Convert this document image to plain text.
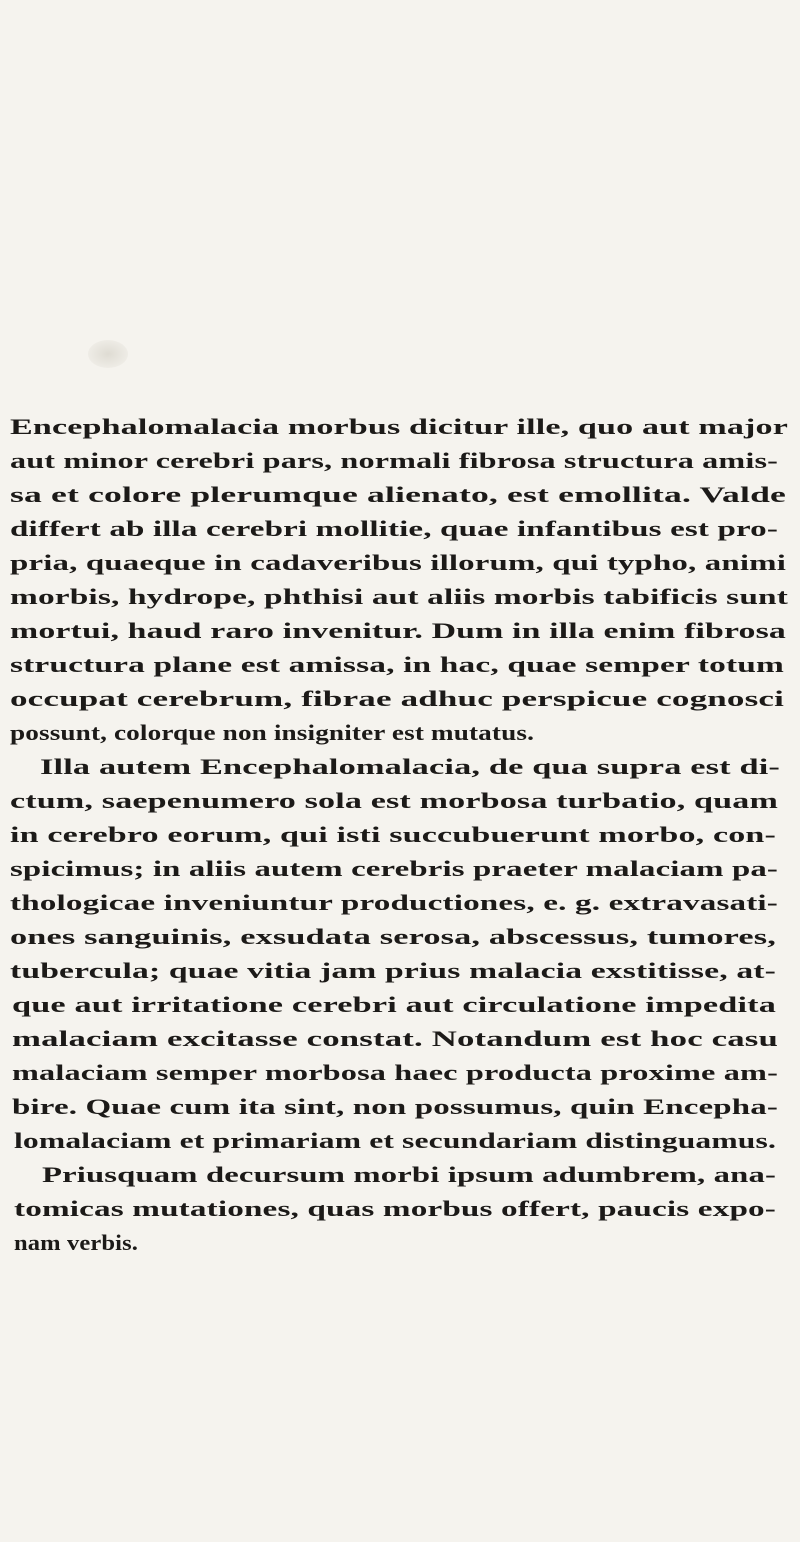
Encephalomalacia morbus dicitur ille, quo aut major
aut minor cerebri pars, normali fibrosa structura amis-
sa et colore plerumque alienato, est emollita. Valde
differt ab illa cerebri mollitie, quae infantibus est pro-
pria, quaeque in cadaveribus illorum, qui typho, animi
morbis, hydrope, phthisi aut aliis morbis tabificis sunt
mortui, haud raro invenitur. Dum in illa enim fibrosa
structura plane est amissa, in hac, quae semper totum
occupat cerebrum, fibrae adhuc perspicue cognosci
possunt, colorque non insigniter est mutatus.
Illa autem Encephalomalacia, de qua supra est di-
ctum, saepenumero sola est morbosa turbatio, quam
in cerebro eorum, qui isti succubuerunt morbo, con-
spicimus; in aliis autem cerebris praeter malaciam pa-
thologicae inveniuntur productiones, e. g. extravasati-
ones sanguinis, exsudata serosa, abscessus, tumores,
tubercula; quae vitia jam prius malacia exstitisse, at-
que aut irritatione cerebri aut circulatione impedita
malaciam excitasse constat. Notandum est hoc casu
malaciam semper morbosa haec producta proxime am-
bire. Quae cum ita sint, non possumus, quin Encepha-
lomalaciam et primariam et secundariam distinguamus.
Priusquam decursum morbi ipsum adumbrem, ana-
tomicas mutationes, quas morbus offert, paucis expo-
nam verbis.
